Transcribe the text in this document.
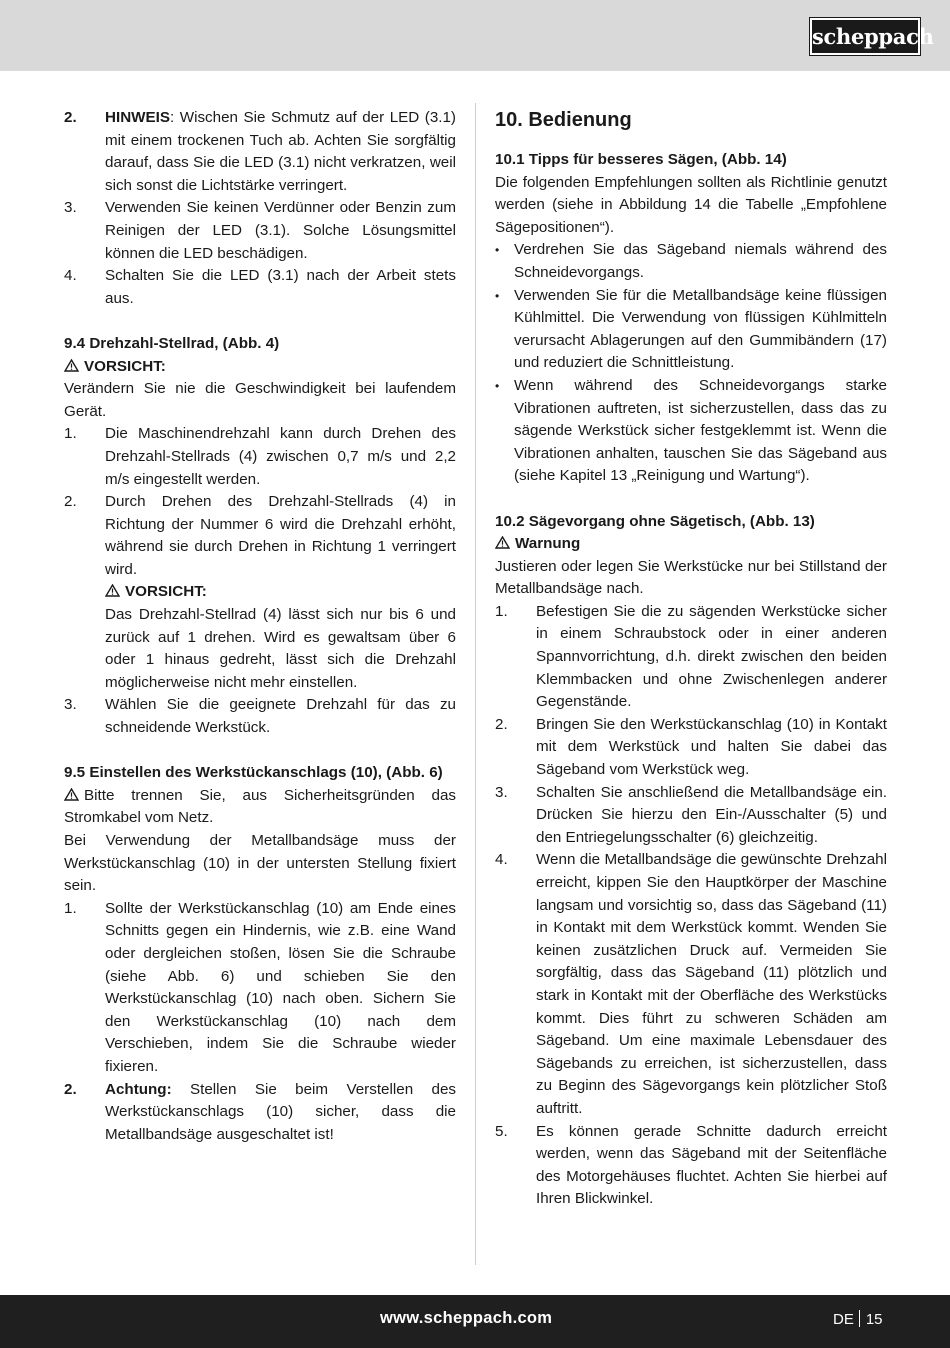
scheppach
2.	HINWEIS: Wischen Sie Schmutz auf der LED (3.1) mit einem trockenen Tuch ab. Achten Sie sorgfältig darauf, dass Sie die LED (3.1) nicht verkratzen, weil sich sonst die Lichtstärke verringert.
3.	Verwenden Sie keinen Verdünner oder Benzin zum Reinigen der LED (3.1). Solche Lösungsmittel können die LED beschädigen.
4.	Schalten Sie die LED (3.1) nach der Arbeit stets aus.

9.4 Drehzahl-Stellrad, (Abb. 4)

VORSICHT:

Verändern Sie nie die Geschwindigkeit bei laufendem Gerät.

1.	Die Maschinendrehzahl kann durch Drehen des Drehzahl-Stellrads (4) zwischen 0,7 m/s und 2,2 m/s eingestellt werden.
2.	Durch Drehen des Drehzahl-Stellrads (4) in Richtung der Nummer 6 wird die Drehzahl erhöht, während sie durch Drehen in Richtung 1 verringert wird.
VORSICHT:
Das Drehzahl-Stellrad (4) lässt sich nur bis 6 und zurück auf 1 drehen. Wird es gewaltsam über 6 oder 1 hinaus gedreht, lässt sich die Drehzahl möglicherweise nicht mehr einstellen.
3.	Wählen Sie die geeignete Drehzahl für das zu schneidende Werkstück.

9.5 Einstellen des Werkstückanschlags (10), (Abb. 6)

Bitte trennen Sie, aus Sicherheitsgründen das Stromkabel vom Netz.

Bei Verwendung der Metallbandsäge muss der Werkstückanschlag (10) in der untersten Stellung fixiert sein.

1.	Sollte der Werkstückanschlag (10) am Ende eines Schnitts gegen ein Hindernis, wie z.B. eine Wand oder dergleichen stoßen, lösen Sie die Schraube (siehe Abb. 6) und schieben Sie den Werkstückanschlag (10) nach oben. Sichern Sie den Werkstückanschlag (10) nach dem Verschieben, indem Sie die Schraube wieder fixieren.
2.	Achtung: Stellen Sie beim Verstellen des Werkstückanschlags (10) sicher, dass die Metallbandsäge ausgeschaltet ist!

10. Bedienung

10.1 Tipps für besseres Sägen, (Abb. 14)

Die folgenden Empfehlungen sollten als Richtlinie genutzt werden (siehe in Abbildung 14 die Tabelle „Empfohlene Sägepositionen“).

• Verdrehen Sie das Sägeband niemals während des Schneidevorgangs.
• Verwenden Sie für die Metallbandsäge keine flüssigen Kühlmittel. Die Verwendung von flüssigen Kühlmitteln verursacht Ablagerungen auf den Gummibändern (17) und reduziert die Schnittleistung.
• Wenn während des Schneidevorgangs starke Vibrationen auftreten, ist sicherzustellen, dass das zu sägende Werkstück sicher festgeklemmt ist. Wenn die Vibrationen anhalten, tauschen Sie das Sägeband aus (siehe Kapitel 13 „Reinigung und Wartung“).

10.2 Sägevorgang ohne Sägetisch, (Abb. 13)

Warnung

Justieren oder legen Sie Werkstücke nur bei Stillstand der Metallbandsäge nach.

1.	Befestigen Sie die zu sägenden Werkstücke sicher in einem Schraubstock oder in einer anderen Spannvorrichtung, d.h. direkt zwischen den beiden Klemmbacken und ohne Zwischenlegen anderer Gegenstände.
2.	Bringen Sie den Werkstückanschlag (10) in Kontakt mit dem Werkstück und halten Sie dabei das Sägeband vom Werkstück weg.
3.	Schalten Sie anschließend die Metallbandsäge ein. Drücken Sie hierzu den Ein-/Ausschalter (5) und den Entriegelungsschalter (6) gleichzeitig.
4.	Wenn die Metallbandsäge die gewünschte Drehzahl erreicht, kippen Sie den Hauptkörper der Maschine langsam und vorsichtig so, dass das Sägeband (11) in Kontakt mit dem Werkstück kommt. Wenden Sie keinen zusätzlichen Druck auf. Vermeiden Sie sorgfältig, dass das Sägeband (11) plötzlich und stark in Kontakt mit der Oberfläche des Werkstücks kommt. Dies führt zu schweren Schäden am Sägeband. Um eine maximale Lebensdauer des Sägebands zu erreichen, ist sicherzustellen, dass zu Beginn des Sägevorgangs kein plötzlicher Stoß auftritt.
5.	Es können gerade Schnitte dadurch erreicht werden, wenn das Sägeband mit der Seitenfläche des Motorgehäuses fluchtet. Achten Sie hierbei auf Ihren Blickwinkel.
www.scheppach.com	DE 15
